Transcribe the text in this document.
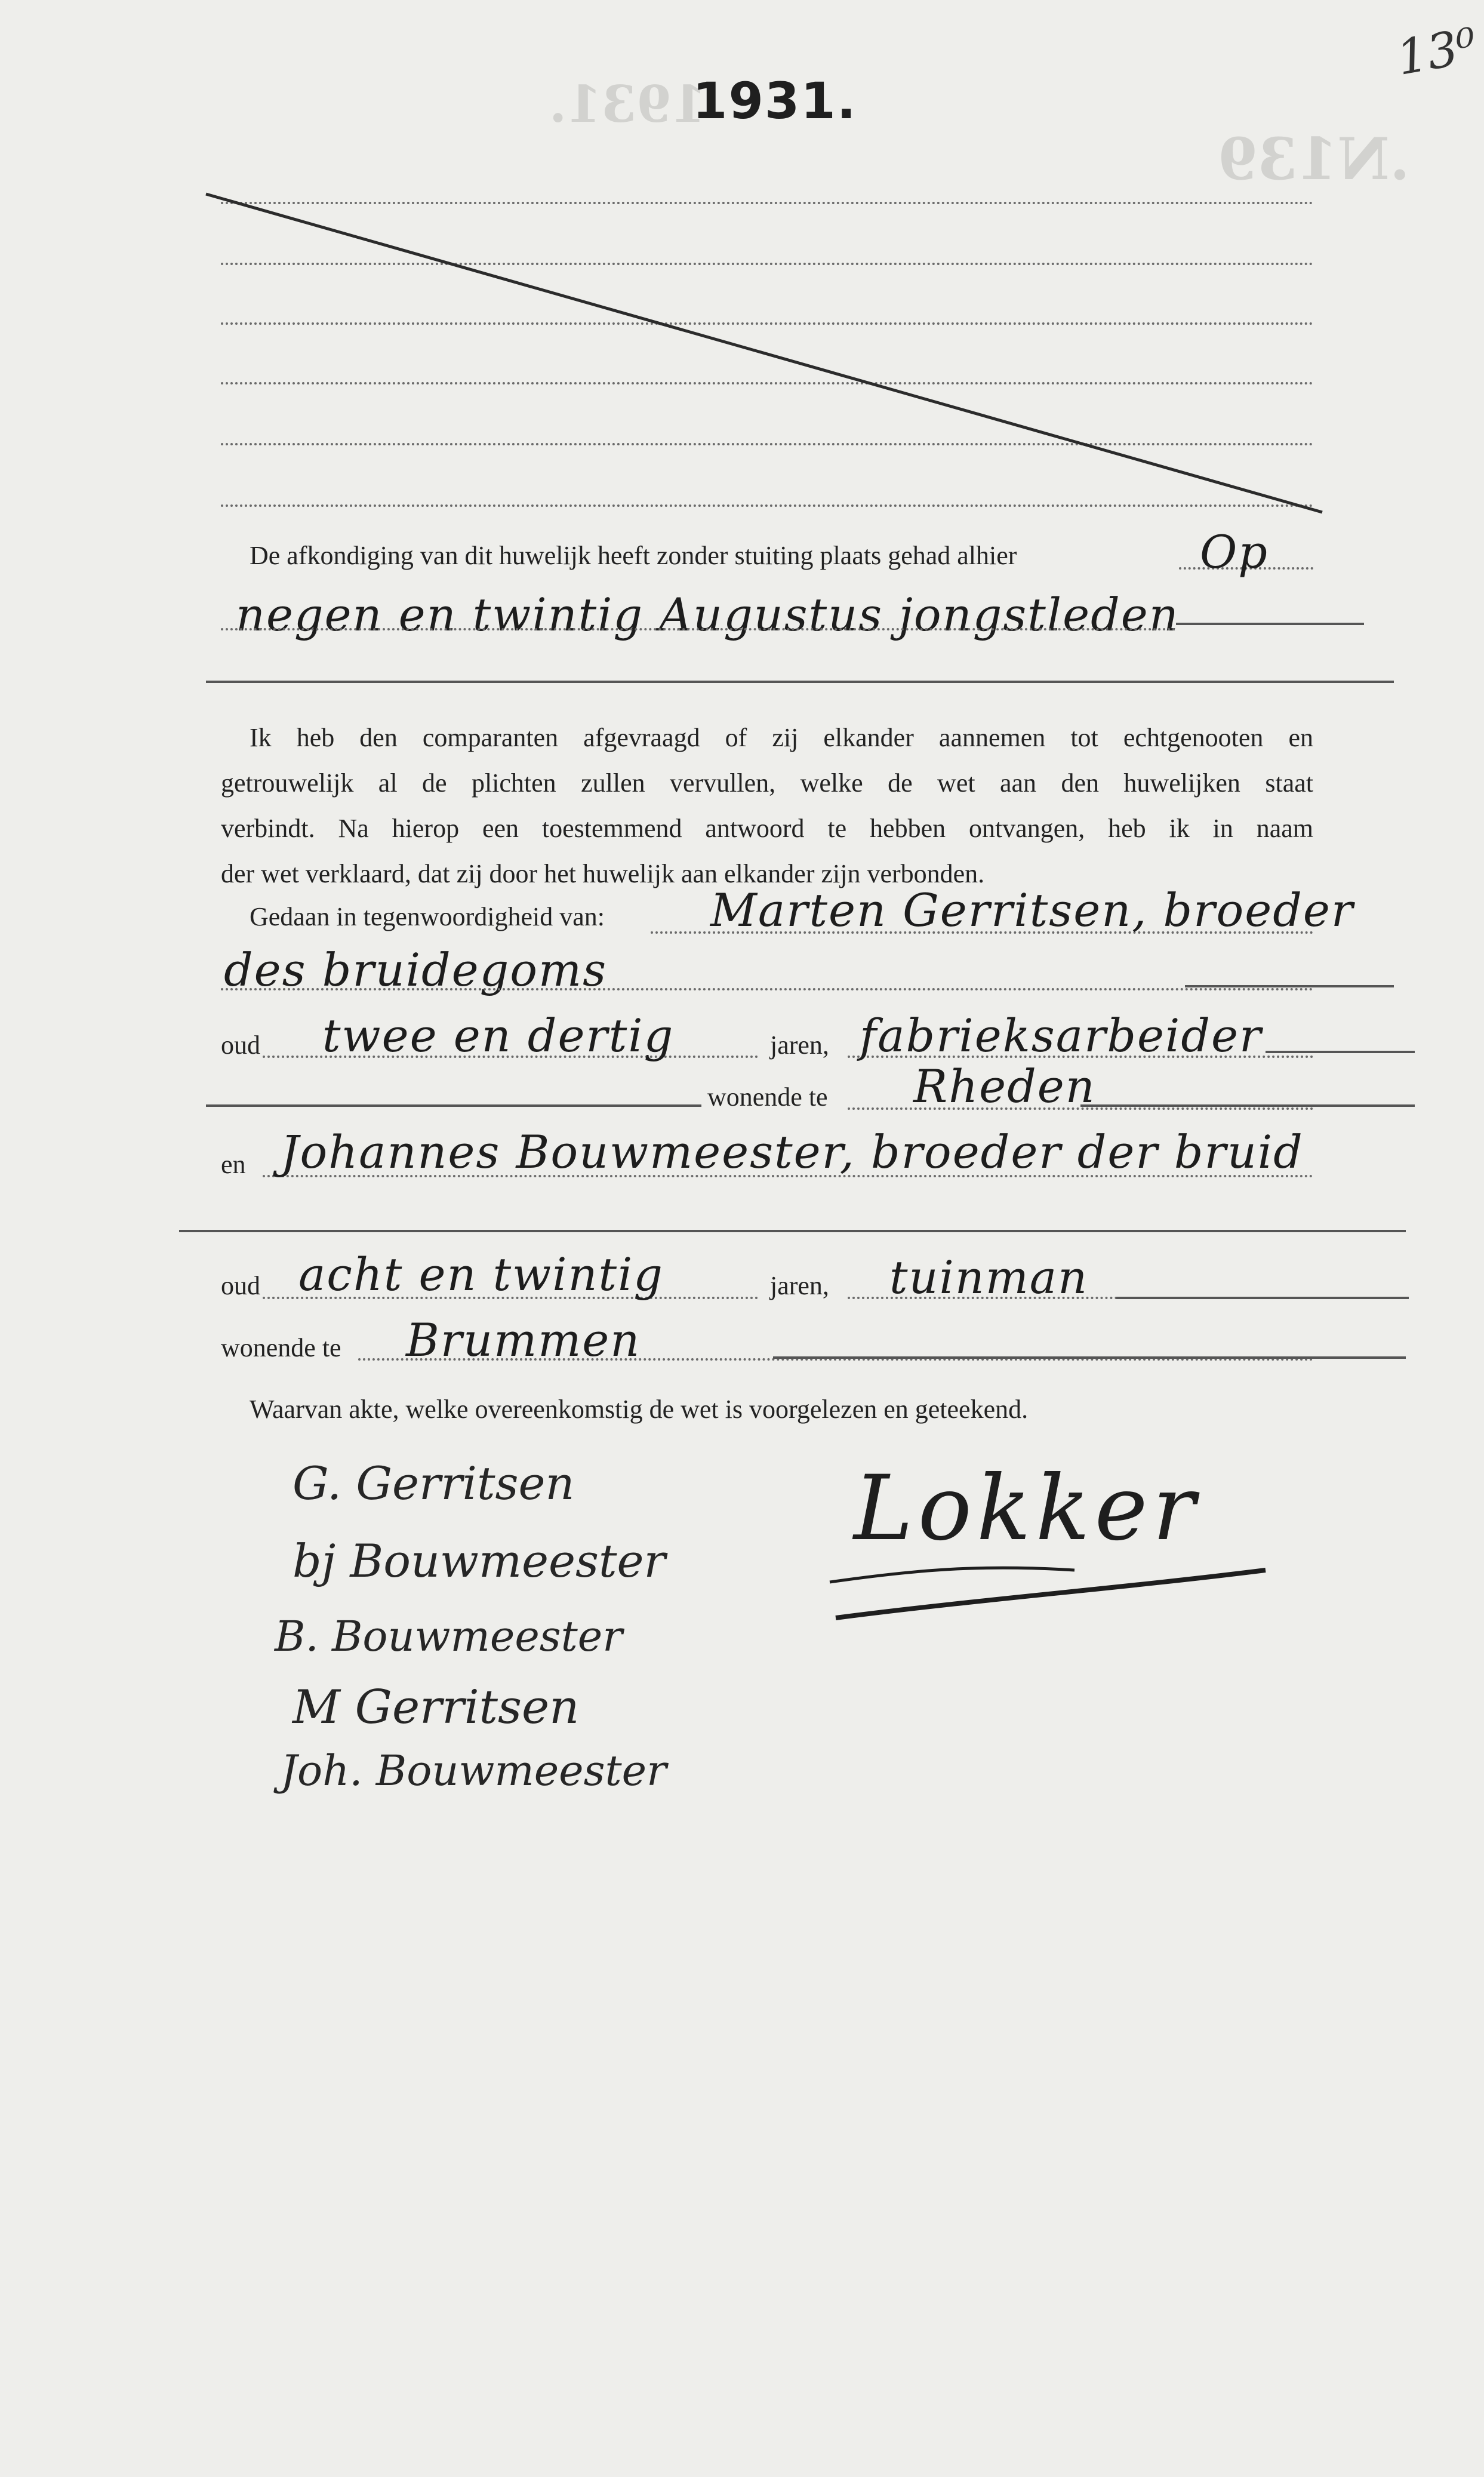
1931.
.N139
13⁰
1931.
De afkondiging van dit huwelijk heeft zonder stuiting plaats gehad alhier	Op
negen en twintig Augustus jongstleden
Ik heb den comparanten afgevraagd of zij elkander aannemen tot echtgenooten en
getrouwelijk al de plichten zullen vervullen, welke de wet aan den huwelijken staat
verbindt. Na hierop een toestemmend antwoord te hebben ontvangen, heb ik in naam
der wet verklaard, dat zij door het huwelijk aan elkander zijn verbonden.
Gedaan in tegenwoordigheid van: Marten Gerritsen, broeder
des bruidegoms
oud twee en dertig	jaren, fabrieksarbeider
wonende te Rheden
en Johannes Bouwmeester, broeder der bruid
oud acht en twintig	jaren, tuinman
wonende te Brummen
Waarvan akte, welke overeenkomstig de wet is voorgelezen en geteekend.
G. Gerritsen
bj Bouwmeester
B. Bouwmeester
M Gerritsen
Joh. Bouwmeester
Lokker
